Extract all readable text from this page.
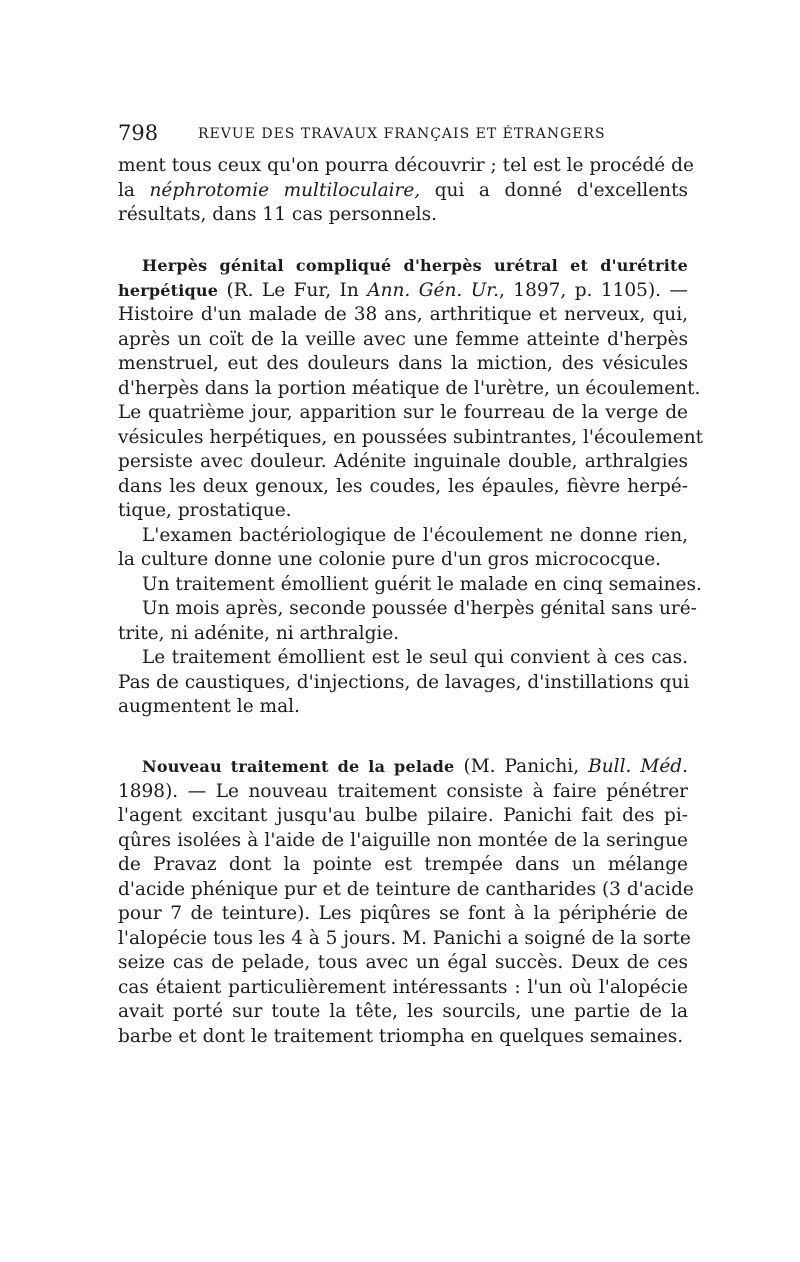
798	REVUE DES TRAVAUX FRANÇAIS ET ÉTRANGERS

ment tous ceux qu'on pourra découvrir ; tel est le procédé de
la néphrotomie multiloculaire, qui a donné d'excellents
résultats, dans 11 cas personnels.

Herpès génital compliqué d'herpès urétral et d'urétrite
herpétique (R. Le Fur, In Ann. Gén. Ur., 1897, p. 1105). —
Histoire d'un malade de 38 ans, arthritique et nerveux, qui,
après un coït de la veille avec une femme atteinte d'herpès
menstruel, eut des douleurs dans la miction, des vésicules
d'herpès dans la portion méatique de l'urètre, un écoulement.
Le quatrième jour, apparition sur le fourreau de la verge de
vésicules herpétiques, en poussées subintrantes, l'écoulement
persiste avec douleur. Adénite inguinale double, arthralgies
dans les deux genoux, les coudes, les épaules, fièvre herpé-
tique, prostatique.

L'examen bactériologique de l'écoulement ne donne rien,
la culture donne une colonie pure d'un gros micrococque.

Un traitement émollient guérit le malade en cinq semaines.

Un mois après, seconde poussée d'herpès génital sans uré-
trite, ni adénite, ni arthralgie.

Le traitement émollient est le seul qui convient à ces cas.
Pas de caustiques, d'injections, de lavages, d'instillations qui
augmentent le mal.

Nouveau traitement de la pelade (M. Panichi, Bull. Méd.
1898). — Le nouveau traitement consiste à faire pénétrer
l'agent excitant jusqu'au bulbe pilaire. Panichi fait des pi-
qûres isolées à l'aide de l'aiguille non montée de la seringue
de Pravaz dont la pointe est trempée dans un mélange
d'acide phénique pur et de teinture de cantharides (3 d'acide
pour 7 de teinture). Les piqûres se font à la périphérie de
l'alopécie tous les 4 à 5 jours. M. Panichi a soigné de la sorte
seize cas de pelade, tous avec un égal succès. Deux de ces
cas étaient particulièrement intéressants : l'un où l'alopécie
avait porté sur toute la tête, les sourcils, une partie de la
barbe et dont le traitement triompha en quelques semaines.
